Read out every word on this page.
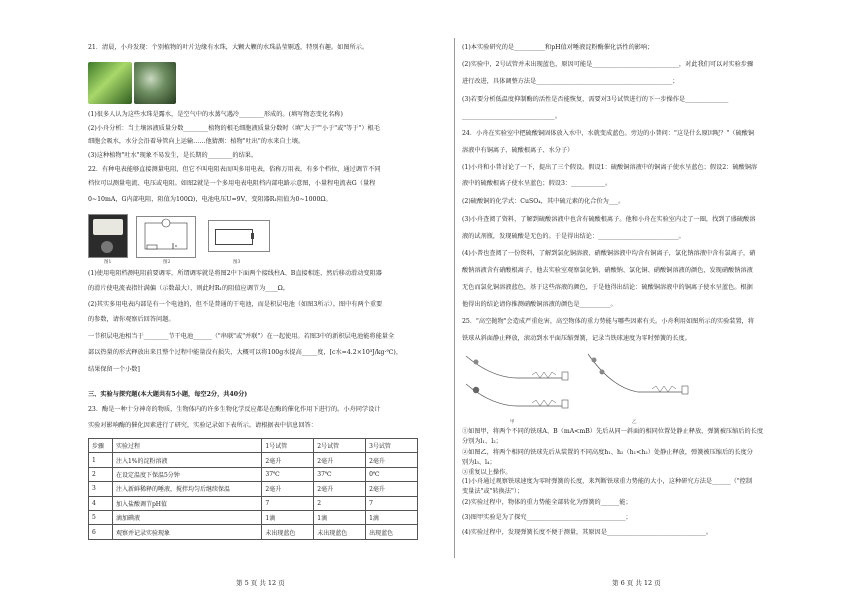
21．清晨，小舟发现：个别植物的叶片边缘有水珠，大颗大颗的水珠晶莹剔透，特别有趣。如图所示。
(1)很多人认为这些水珠是露水，是空气中的水蒸气遇冷________形成的。(填写物态变化名称)
(2)小舟分析：当土壤溶液质量分数________植物的根毛细胞液质量分数时（填"大于""小于"或"等于"）根毛
细胞会吸水，水分会沿着导管向上运输……他猜测：植物"吐出"的水来自土壤。
(3)这种植物"吐水"现象不易发生，是长期的________的结果。
22．有种电表能够直接测量电阻，但它不叫电阻表而叫多用电表，俗称万用表，有多个档位，通过调节不同
档位可以测量电流、电压或电阻。如图2就是一个多用电表电阻档内部电路示意图，小量程电流表G（量程
0~10mA，G内部电阻，阻值为100Ω)，电池电压U=9V，变阻器R₁阻值为0~1000Ω。
图1	图2	图3
(1)使用电阻档测电阻前要调零，所谓调零就是将图2中下面两个接线柱A、B直接相连，然后移动滑动变阻器
的滑片使电流表指针满偏（示数最大），则此时R₁的阻值应调节为____Ω。
(2)其实多用电表内部是有一个电池的，但不是普通的干电池，而是积层电池（如图3所示）。图中有两个重要
的参数，请你观察后回答问题。
一节积层电池相当于________节干电池______（"串联"或"并联"）在一起使用。若图3中的新积层电池能将能量全
部以热量的形式释放出来且整个过程中能量没有损失，大概可以将100g水提高_____度，[c水=4.2×10³J/kg·℃)，
结果保留一个小数]
三、实验与探究题(本大题共有5小题，每空2分，共40分)
23．酶是一种十分神奇的物质，生物体内的许多生物化学反应都是在酶的催化作用下进行的。小舟同学设计
实验对影响酶的催化因素进行了研究，实验记录如下表所示。请根据表中信息回答：
步骤	实验过程	1号试管	2号试管	3号试管
1	注入1%的淀粉溶液	2毫升	2毫升	2毫升
2	在设定温度下保温5分钟	37℃	37℃	0℃
3	注入新鲜稀释的唾液，搅拌均匀后继续保温	2毫升	2毫升	2毫升
4	加入盐酸调节pH值	7	2	7
5	滴加碘液	1滴	1滴	1滴
6	观察并记录实验现象	未出现蓝色	未出现蓝色	出现蓝色
第 5 页 共 12 页
(1)本实验研究的是__________和pH值对唾液淀粉酶催化活性的影响；
(2)实验中，2号试管并未出现蓝色，原因可能是____________________________，对此我们可以对实验步骤
进行改进，具体调整方法是____________________________________________；
(3)若要分析低温度抑制酶的活性是否能恢复，需要对3号试管进行的下一步操作是______________
______________________________。
24．小舟在实验室中把硫酸铜固体放入水中，水就变成蓝色。旁边的小普问："这是什么原因呢？"（硫酸铜
溶液中有铜离子、硫酸根离子、水分子）
(1)小舟和小普讨论了一下，提出了三个假设。假设1：硫酸铜溶液中的铜离子使水呈蓝色；假设2：硫酸铜溶
液中的硫酸根离子使水呈蓝色；假设3：___________。
(2)硫酸铜的化学式：CuSO₄，其中硫元素的化合价为___。
(3)小舟查阅了资料，了解到硫酸溶液中也含有硫酸根离子。他和小舟在实验室内走了一圈，找到了盛硫酸溶
液的试剂瓶，发现硫酸是无色的。于是得出结论：__________________________。
(4)小普也查阅了一份资料，了解到氯化铜溶液、硝酸铜溶液中均含有铜离子，氯化钠溶液中含有氯离子，硝
酸钠溶液含有硝酸根离子，他去实验室观察氯化钠、硝酸钠、氯化铜、硝酸铜溶液的颜色，发现硝酸钠溶液
无色而氯化铜溶液蓝色，基于这些溶液的颜色，于是他得出结论：硫酸铜溶液中的铜离子使水呈蓝色。根据
他得出的结论请你推测硝酸铜溶液的颜色是__________。
25．"高空抛物"会造成严重危害，高空物体的重力势能与哪些因素有关。小舟利用如图所示的实验装置，将
铁球从斜面静止释放，滚动到水平面压缩弹簧，记录当铁球速度为零时弹簧的长度。
甲	乙
①如图甲，将两个不同的铁球A、B（mA<mB）先后从同一斜面的相同位置处静止释放，弹簧被压缩后的长度
分别为l₁、l₂；
②如图乙，将两个相同的铁球先后从装置的不同高度h₁、h₂（h₁<h₂）处静止释放，弹簧被压缩后的长度分
别为l₃、l₄；
③重复以上操作。
(1)小舟通过观察铁球速度为零时弹簧的长度，来判断铁球重力势能的大小，这种研究方法是______（"控制
变量法"或"转换法"）；
(2)实验过程中，物体的重力势能全部转化为弹簧的______能；
(3)图甲实验是为了探究________________________________；
(4)实验过程中，发现弹簧长度不便于测量，其原因是________________________________。
第 6 页 共 12 页
